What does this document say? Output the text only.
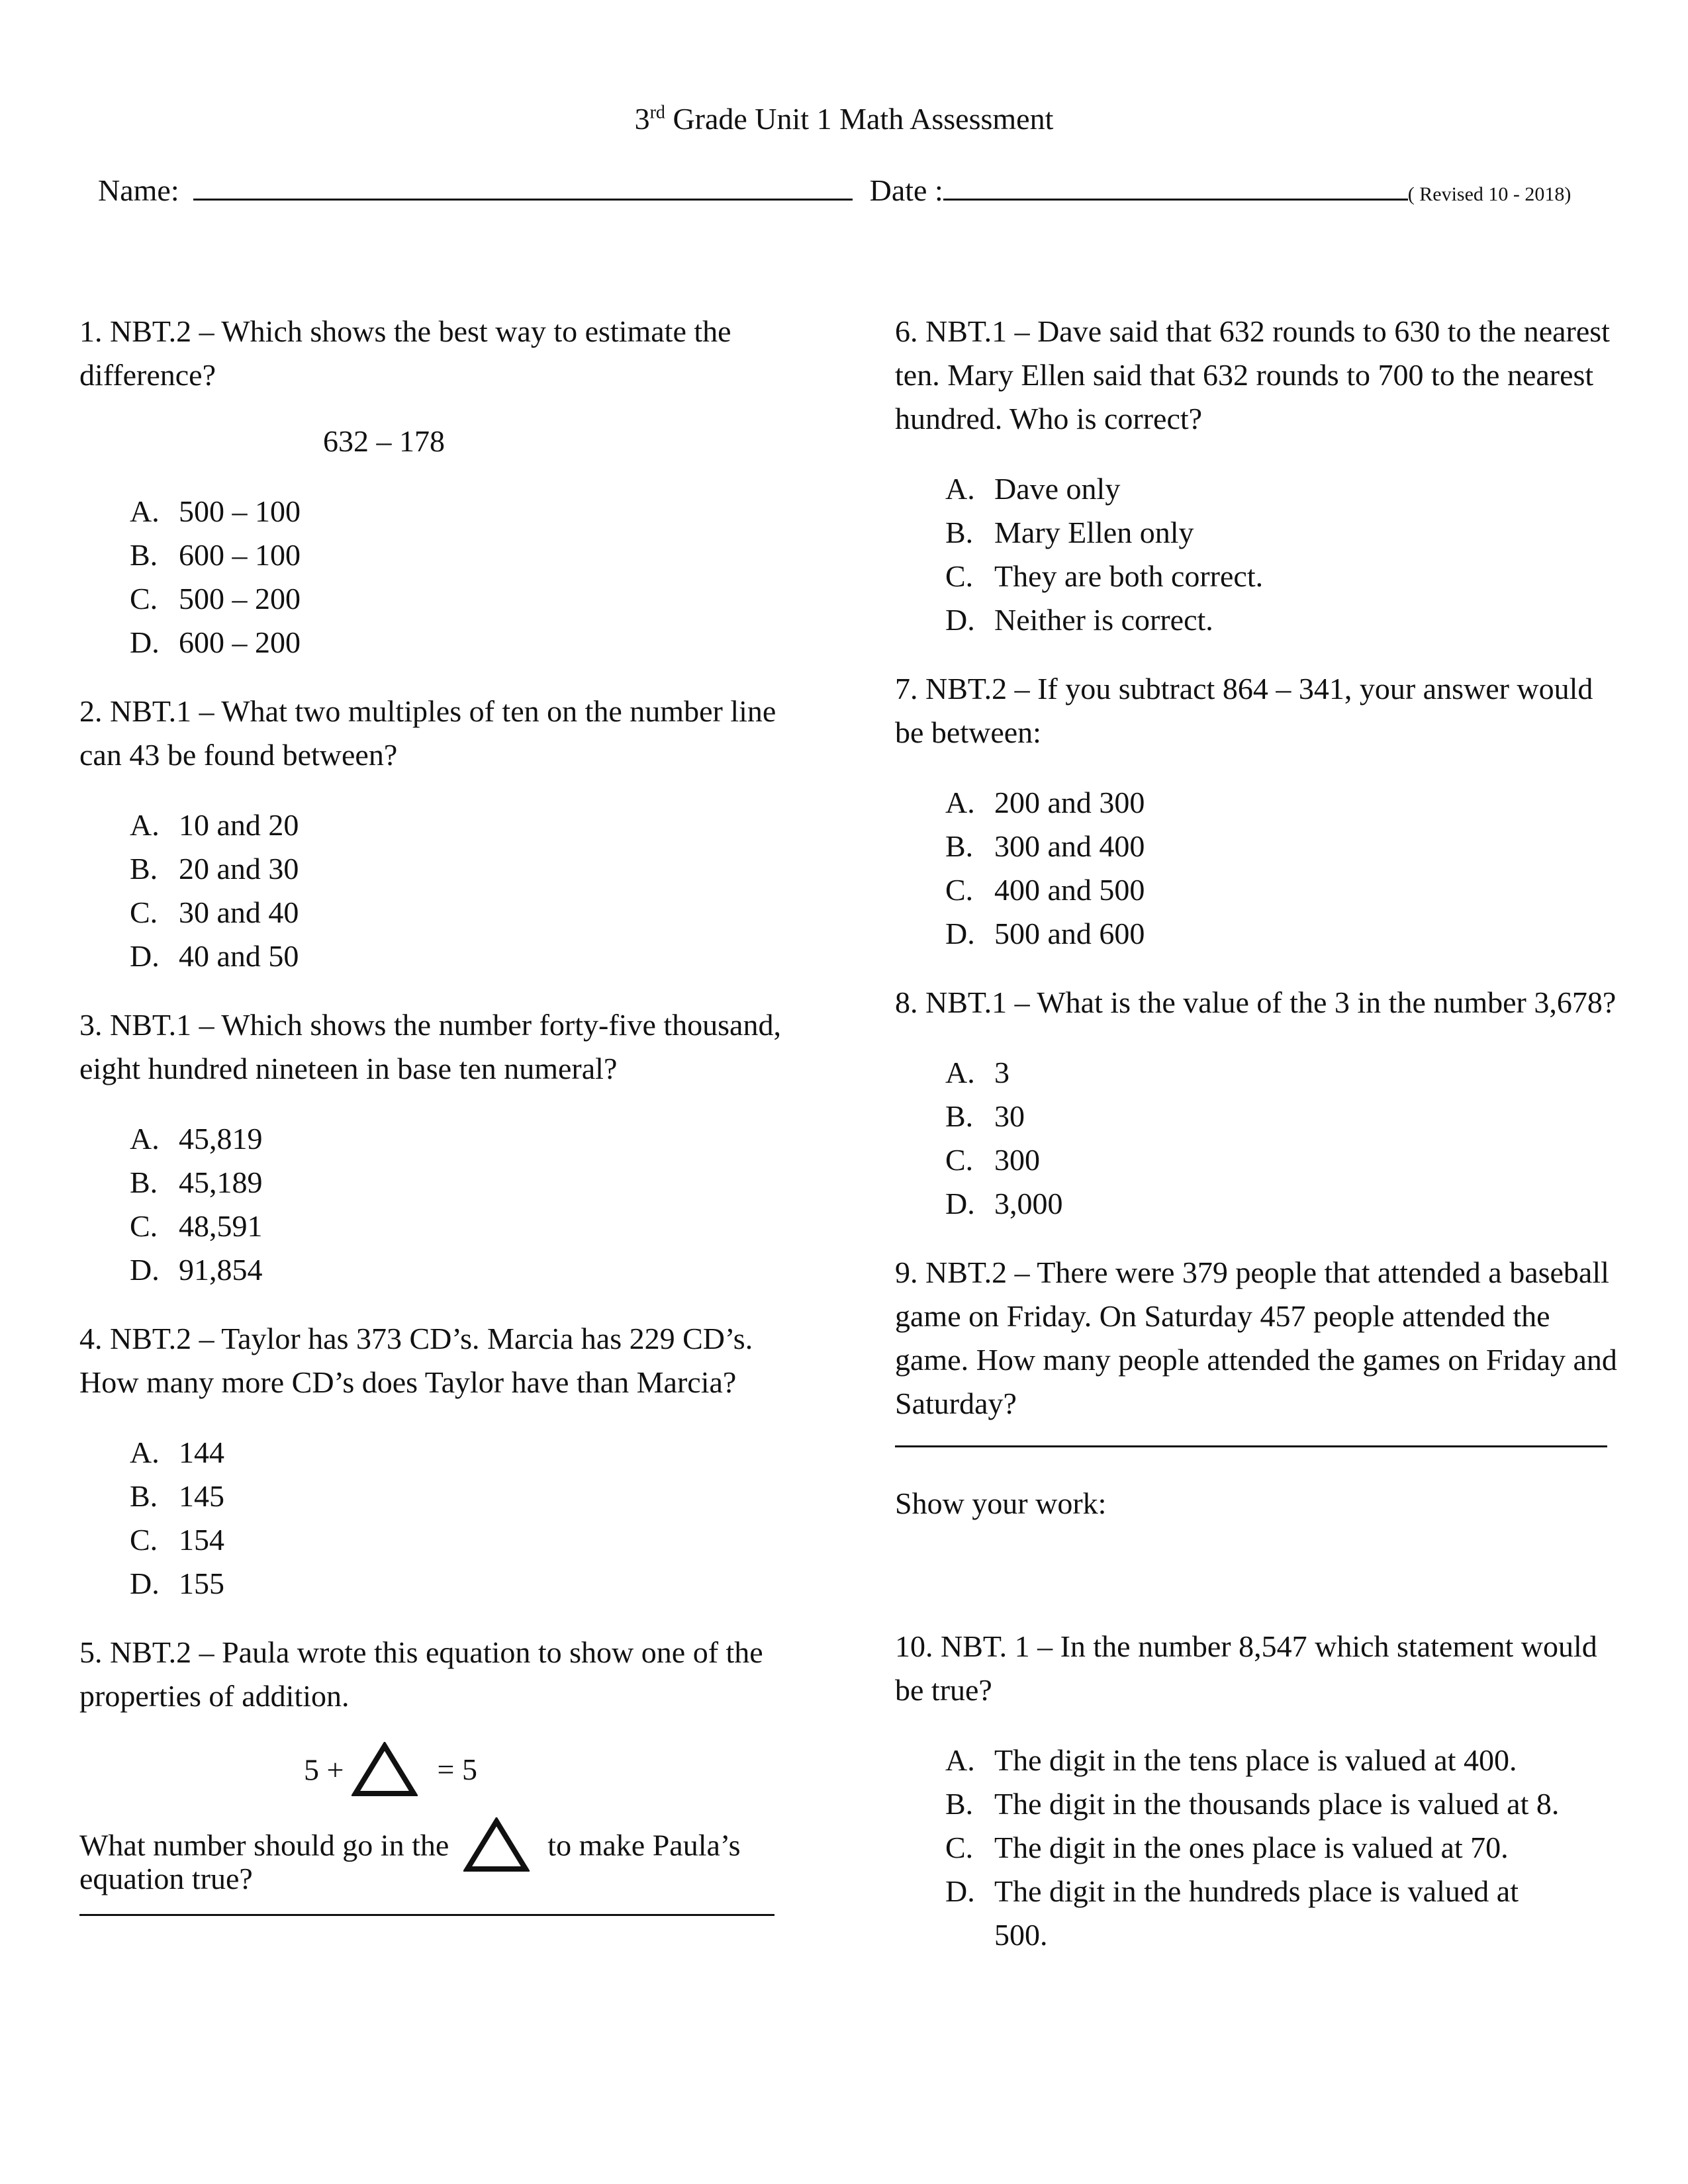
3rd Grade Unit 1 Math Assessment
Name:	Date :	( Revised 10 - 2018)

1. NBT.2 – Which shows the best way to estimate the difference?

632 – 178

A. 500 – 100
B. 600 – 100
C. 500 – 200
D. 600 – 200

2. NBT.1 – What two multiples of ten on the number line can 43 be found between?

A. 10 and 20
B. 20 and 30
C. 30 and 40
D. 40 and 50

3. NBT.1 – Which shows the number forty-five thousand, eight hundred nineteen in base ten numeral?

A. 45,819
B. 45,189
C. 48,591
D. 91,854

4. NBT.2 – Taylor has 373 CD’s. Marcia has 229 CD’s. How many more CD’s does Taylor have than Marcia?

A. 144
B. 145
C. 154
D. 155

5. NBT.2 – Paula wrote this equation to show one of the properties of addition.

5 +	= 5
What number should go in the	to make Paula’s

equation true?

6. NBT.1 – Dave said that 632 rounds to 630 to the nearest ten. Mary Ellen said that 632 rounds to 700 to the nearest hundred. Who is correct?

A. Dave only
B. Mary Ellen only
C. They are both correct.
D. Neither is correct.

7. NBT.2 – If you subtract 864 – 341, your answer would be between:

A. 200 and 300
B. 300 and 400
C. 400 and 500
D. 500 and 600

8. NBT.1 – What is the value of the 3 in the number 3,678?

A. 3
B. 30
C. 300
D. 3,000

9. NBT.2 – There were 379 people that attended a baseball game on Friday. On Saturday 457 people attended the game. How many people attended the games on Friday and Saturday?

Show your work:

10. NBT. 1 – In the number 8,547 which statement would be true?

A. The digit in the tens place is valued at 400.
B. The digit in the thousands place is valued at 8.
C. The digit in the ones place is valued at 70.
D. The digit in the hundreds place is valued at 500.
